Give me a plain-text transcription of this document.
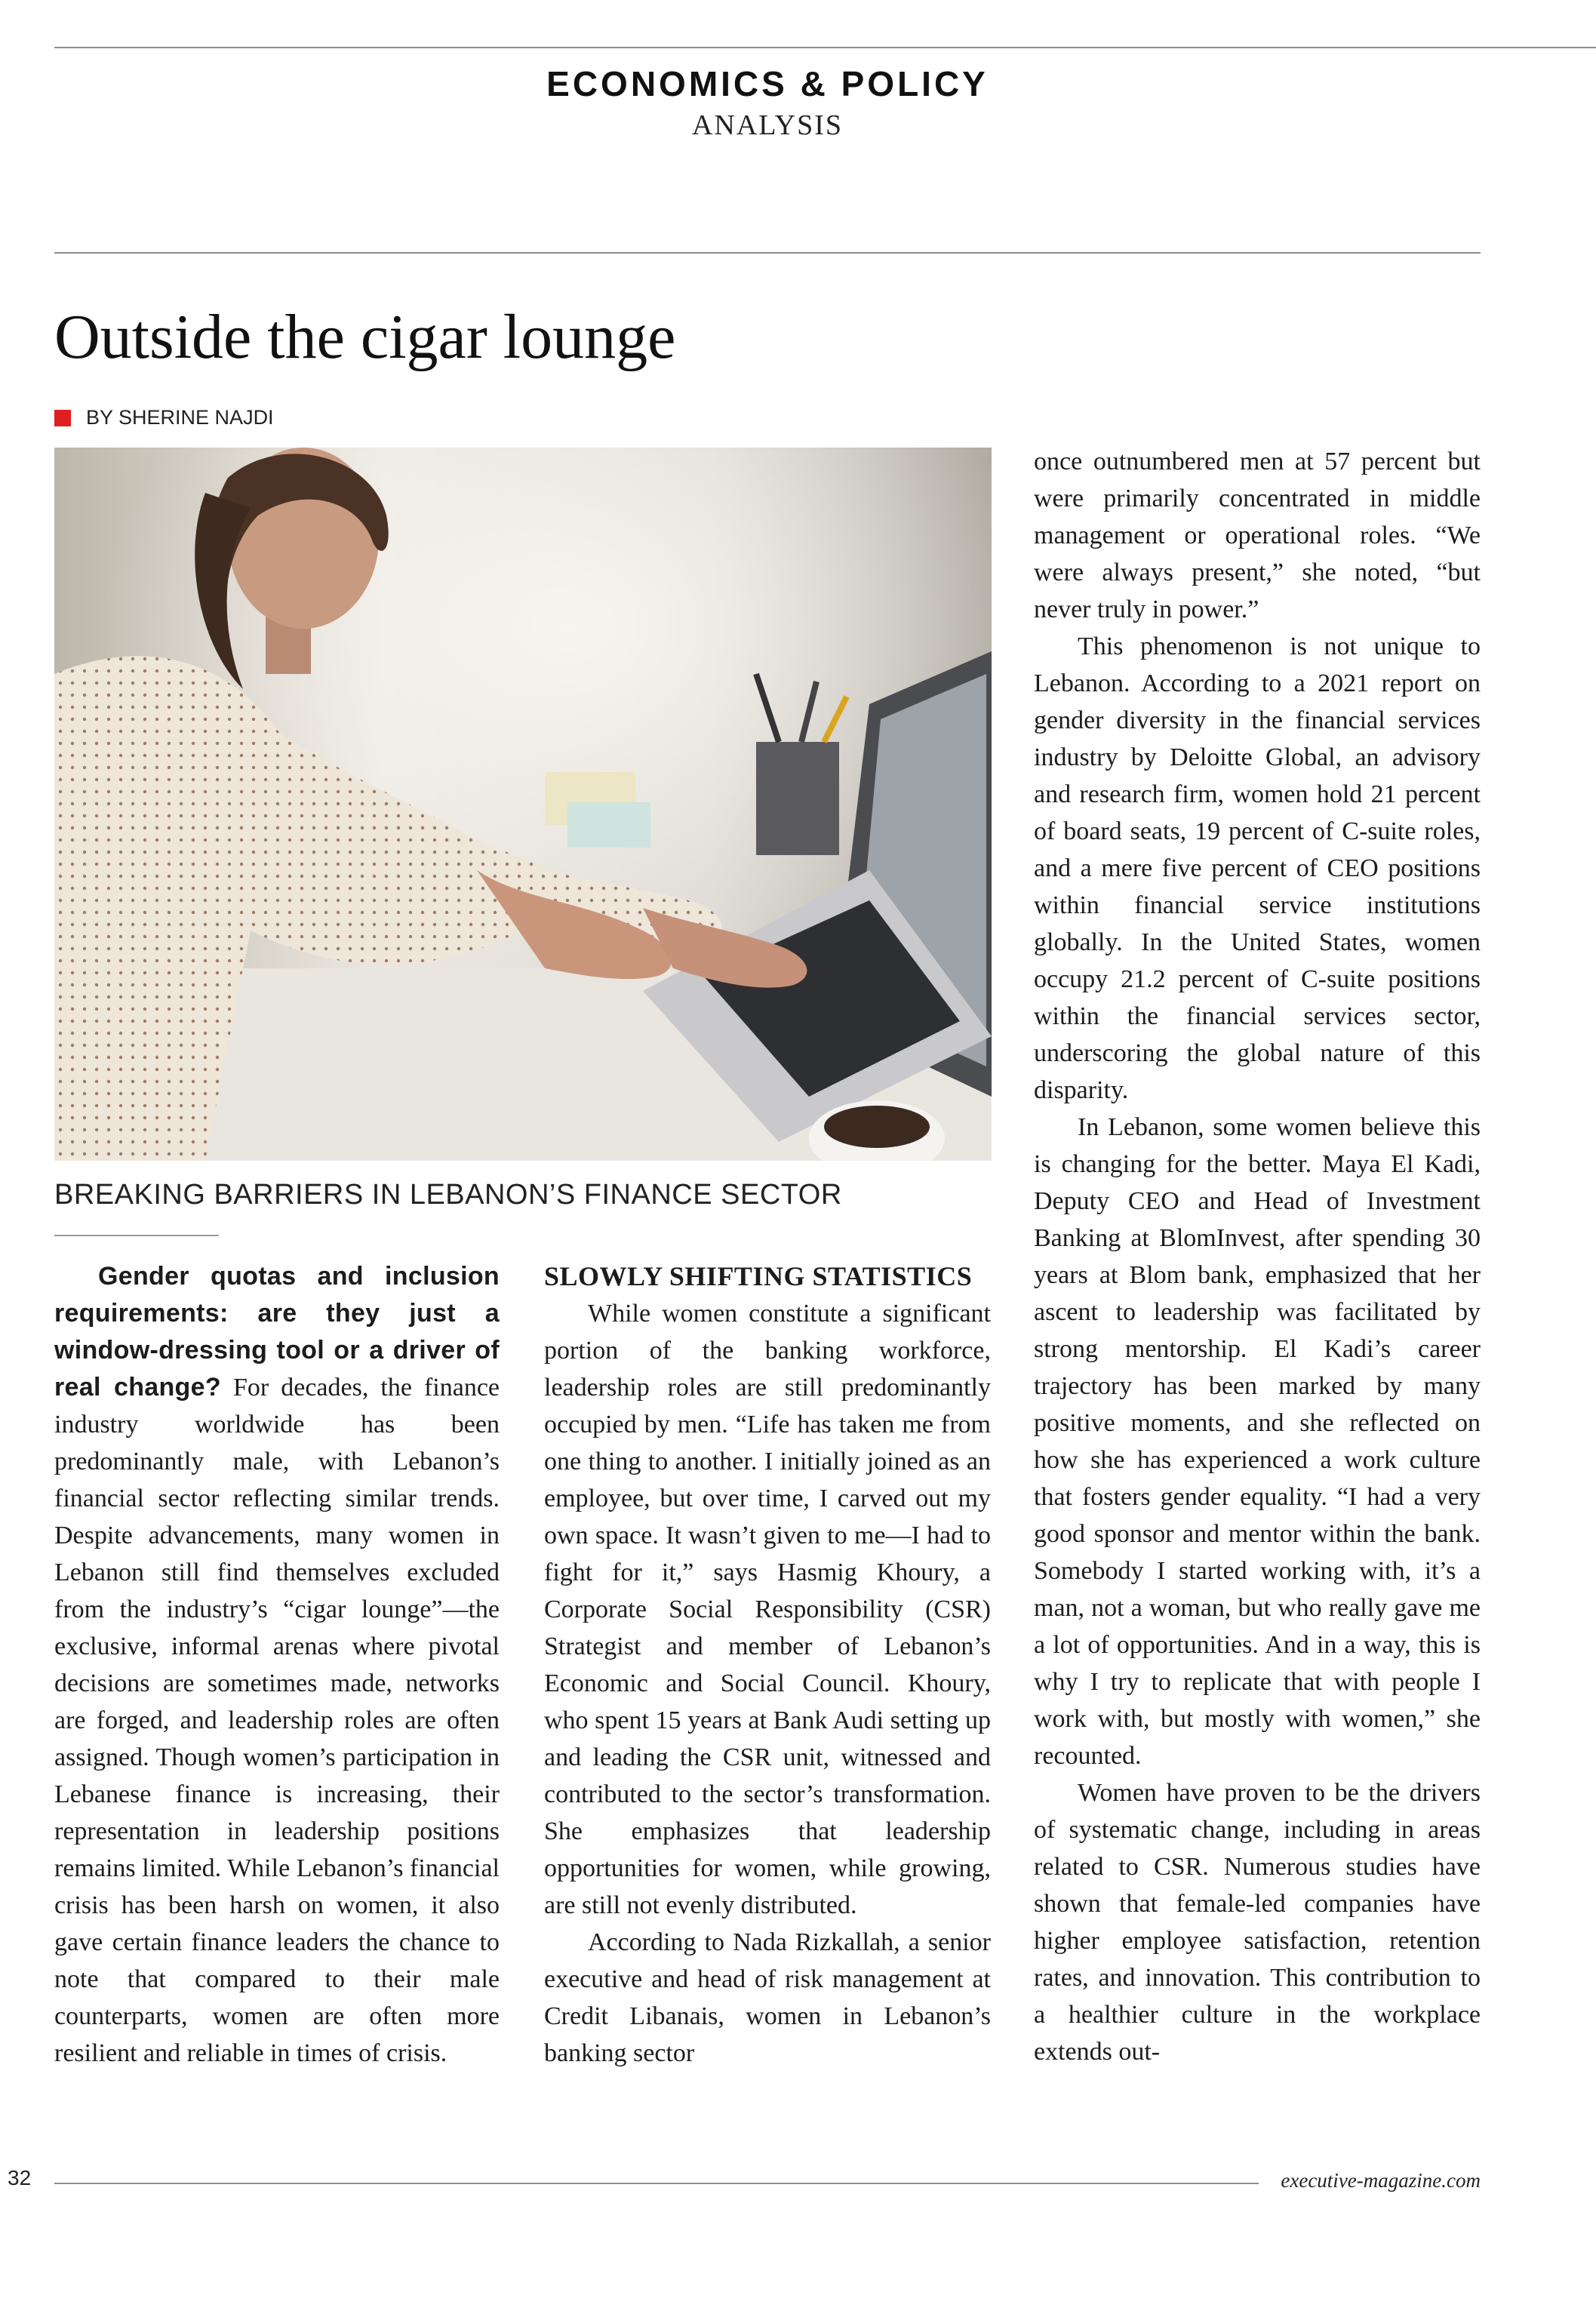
ECONOMICS & POLICY
ANALYSIS
Outside the cigar lounge
BY SHERINE NAJDI
BREAKING BARRIERS IN LEBANON’S FINANCE SECTOR

Gender quotas and inclusion requirements: are they just a window-dressing tool or a driver of real change? For decades, the finance industry worldwide has been predominantly male, with Lebanon’s financial sector reflecting similar trends. Despite advancements, many women in Lebanon still find themselves excluded from the industry’s “cigar lounge”—the exclusive, informal arenas where pivotal decisions are sometimes made, networks are forged, and leadership roles are often assigned. Though women’s participation in Lebanese finance is increasing, their representation in leadership positions remains limited. While Lebanon’s financial crisis has been harsh on women, it also gave certain finance leaders the chance to note that compared to their male counterparts, women are often more resilient and reliable in times of crisis.

SLOWLY SHIFTING STATISTICS

While women constitute a significant portion of the banking workforce, leadership roles are still predominantly occupied by men. “Life has taken me from one thing to another. I initially joined as an employee, but over time, I carved out my own space. It wasn’t given to me—I had to fight for it,” says Hasmig Khoury, a Corporate Social Responsibility (CSR) Strategist and member of Lebanon’s Economic and Social Council. Khoury, who spent 15 years at Bank Audi setting up and leading the CSR unit, witnessed and contributed to the sector’s transformation. She emphasizes that leadership opportunities for women, while growing, are still not evenly distributed.

According to Nada Rizkallah, a senior executive and head of risk management at Credit Libanais, women in Lebanon’s banking sector

once outnumbered men at 57 percent but were primarily concentrated in middle management or operational roles. “We were always present,” she noted, “but never truly in power.”

This phenomenon is not unique to Lebanon. According to a 2021 report on gender diversity in the financial services industry by Deloitte Global, an advisory and research firm, women hold 21 percent of board seats, 19 percent of C-suite roles, and a mere five percent of CEO positions within financial service institutions globally. In the United States, women occupy 21.2 percent of C-suite positions within the financial services sector, underscoring the global nature of this disparity.

In Lebanon, some women believe this is changing for the better. Maya El Kadi, Deputy CEO and Head of Investment Banking at BlomInvest, after spending 30 years at Blom bank, emphasized that her ascent to leadership was facilitated by strong mentorship. El Kadi’s career trajectory has been marked by many positive moments, and she reflected on how she has experienced a work culture that fosters gender equality. “I had a very good sponsor and mentor within the bank. Somebody I started working with, it’s a man, not a woman, but who really gave me a lot of opportunities. And in a way, this is why I try to replicate that with people I work with, but mostly with women,” she recounted.

Women have proven to be the drivers of systematic change, including in areas related to CSR. Numerous studies have shown that female-led companies have higher employee satisfaction, retention rates, and innovation. This contribution to a healthier culture in the workplace extends out-

32	executive-magazine.com
